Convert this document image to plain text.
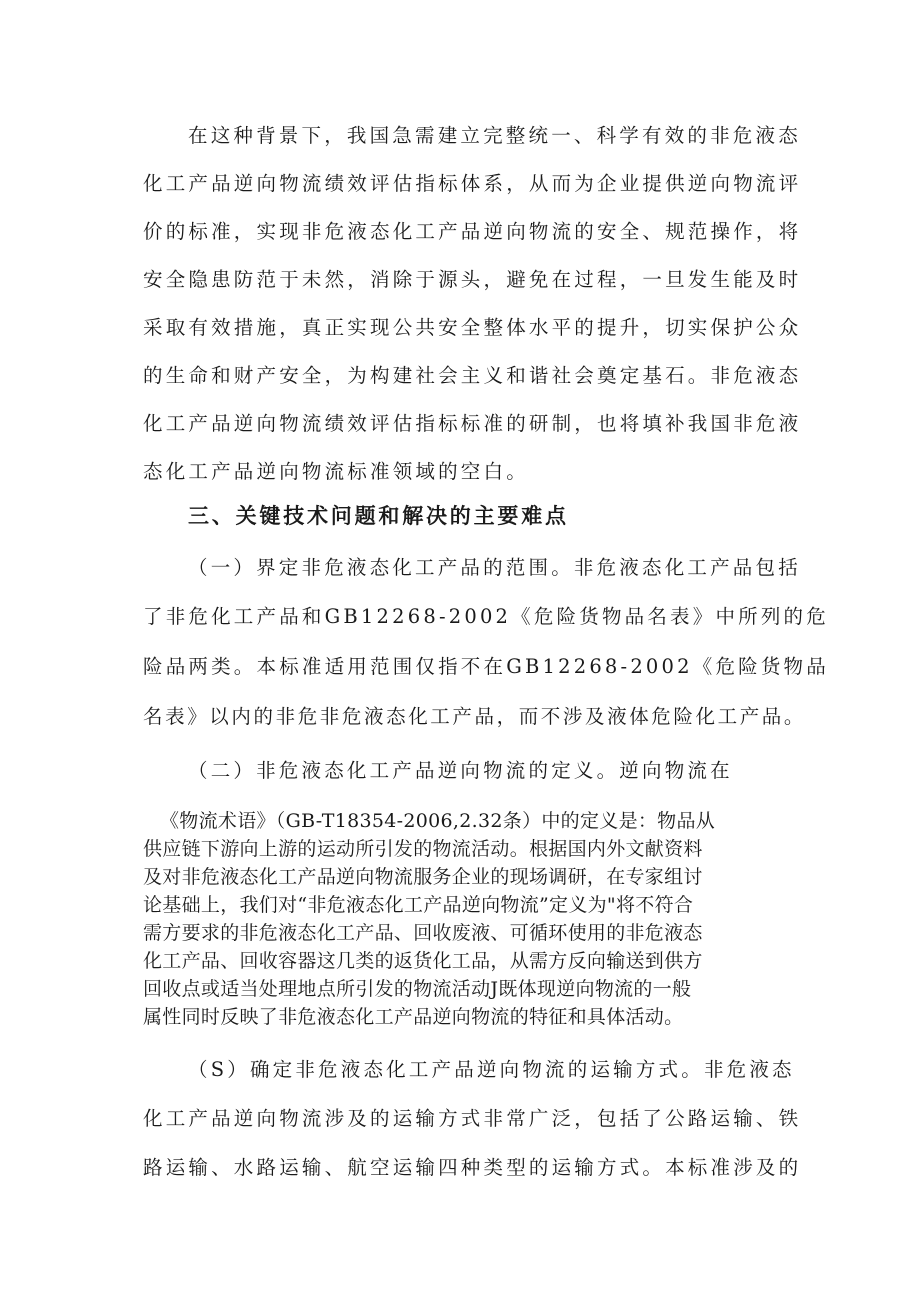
在这种背景下，我国急需建立完整统一、科学有效的非危液态
化工产品逆向物流绩效评估指标体系，从而为企业提供逆向物流评
价的标准，实现非危液态化工产品逆向物流的安全、规范操作，将
安全隐患防范于未然，消除于源头，避免在过程，一旦发生能及时
采取有效措施，真正实现公共安全整体水平的提升，切实保护公众
的生命和财产安全，为构建社会主义和谐社会奠定基石。非危液态
化工产品逆向物流绩效评估指标标准的研制，也将填补我国非危液
态化工产品逆向物流标准领域的空白。
三、关键技术问题和解决的主要难点
（一）界定非危液态化工产品的范围。非危液态化工产品包括
了非危化工产品和GB12268-2002《危险货物品名表》中所列的危
险品两类。本标准适用范围仅指不在GB12268-2002《危险货物品
名表》以内的非危非危液态化工产品，而不涉及液体危险化工产品。
（二）非危液态化工产品逆向物流的定义。逆向物流在
《物流术语》（GB-T18354-2006,2.32条）中的定义是：物品从
供应链下游向上游的运动所引发的物流活动。根据国内外文献资料
及对非危液态化工产品逆向物流服务企业的现场调研，在专家组讨
论基础上，我们对“非危液态化工产品逆向物流”定义为"将不符合
需方要求的非危液态化工产品、回收废液、可循环使用的非危液态
化工产品、回收容器这几类的返货化工品，从需方反向输送到供方
回收点或适当处理地点所引发的物流活动J既体现逆向物流的一般
属性同时反映了非危液态化工产品逆向物流的特征和具体活动。
（S）确定非危液态化工产品逆向物流的运输方式。非危液态
化工产品逆向物流涉及的运输方式非常广泛，包括了公路运输、铁
路运输、水路运输、航空运输四种类型的运输方式。本标准涉及的
